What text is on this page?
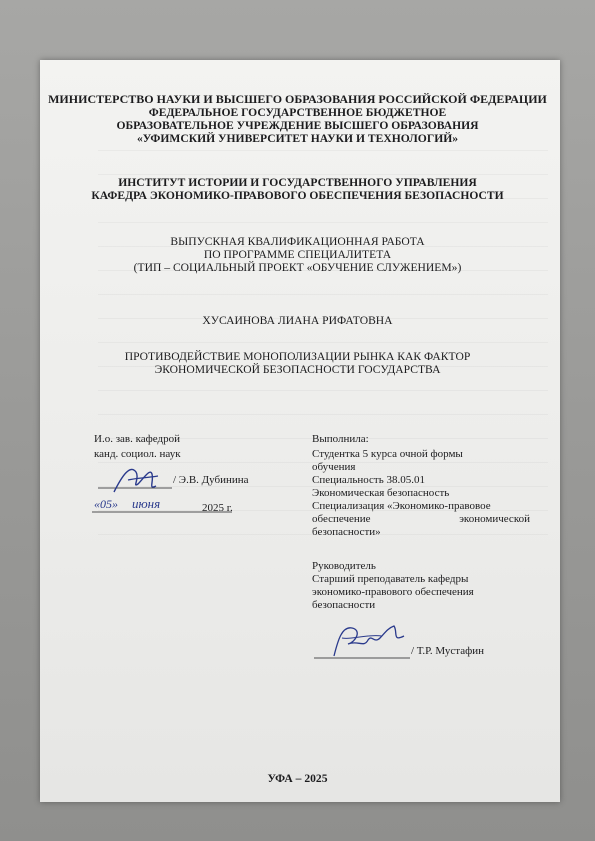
МИНИСТЕРСТВО НАУКИ И ВЫСШЕГО ОБРАЗОВАНИЯ РОССИЙСКОЙ ФЕДЕРАЦИИ
ФЕДЕРАЛЬНОЕ ГОСУДАРСТВЕННОЕ БЮДЖЕТНОЕ
ОБРАЗОВАТЕЛЬНОЕ УЧРЕЖДЕНИЕ ВЫСШЕГО ОБРАЗОВАНИЯ
«УФИМСКИЙ УНИВЕРСИТЕТ НАУКИ И ТЕХНОЛОГИЙ»
ИНСТИТУТ ИСТОРИИ И ГОСУДАРСТВЕННОГО УПРАВЛЕНИЯ
КАФЕДРА ЭКОНОМИКО-ПРАВОВОГО ОБЕСПЕЧЕНИЯ БЕЗОПАСНОСТИ
ВЫПУСКНАЯ КВАЛИФИКАЦИОННАЯ РАБОТА
ПО ПРОГРАММЕ СПЕЦИАЛИТЕТА
(ТИП – СОЦИАЛЬНЫЙ ПРОЕКТ «ОБУЧЕНИЕ СЛУЖЕНИЕМ»)
ХУСАИНОВА ЛИАНА РИФАТОВНА
ПРОТИВОДЕЙСТВИЕ МОНОПОЛИЗАЦИИ РЫНКА КАК ФАКТОР
ЭКОНОМИЧЕСКОЙ БЕЗОПАСНОСТИ ГОСУДАРСТВА
И.о. зав. кафедрой
канд. социол. наук
/ Э.В. Дубинина
«05» июня	2025 г.
Выполнила:
Студентка 5 курса очной формы
обучения
Специальность 38.05.01
Экономическая безопасность
Специализация «Экономико-правовое
обеспечение экономической
безопасности»
Руководитель
Старший преподаватель кафедры
экономико-правового обеспечения
безопасности
/ Т.Р. Мустафин
УФА – 2025
